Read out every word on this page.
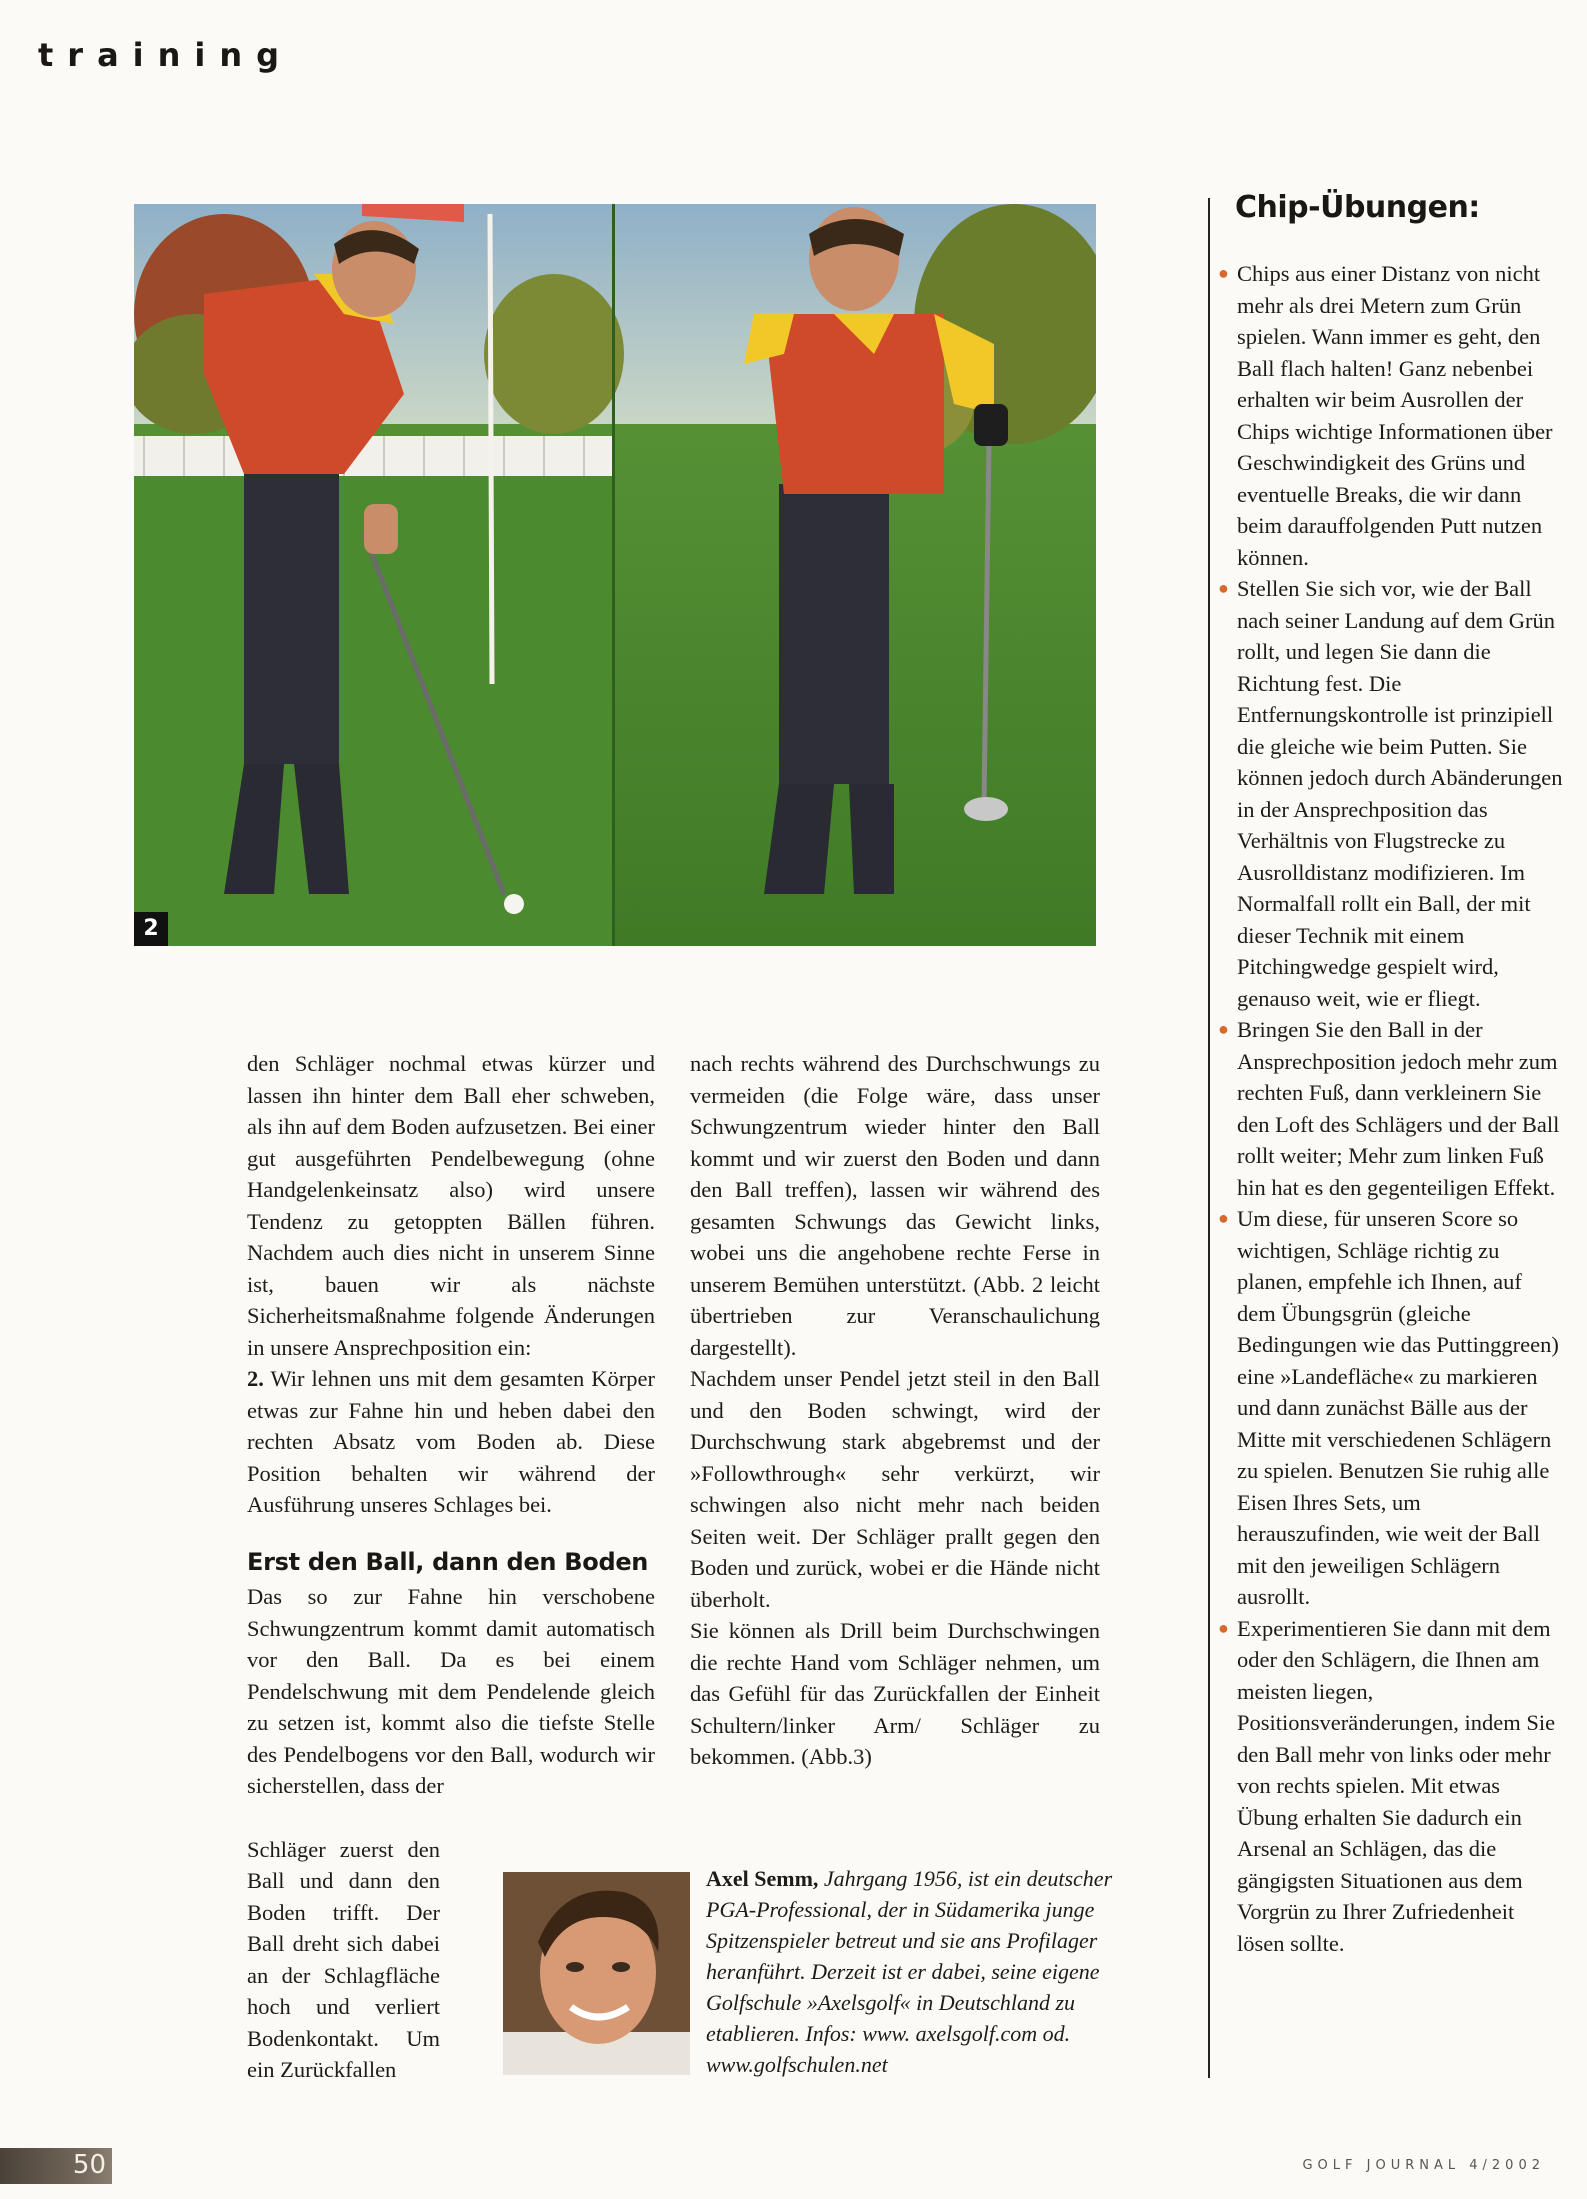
training
2

den Schläger nochmal etwas kürzer und lassen ihn hinter dem Ball eher schweben, als ihn auf dem Boden aufzusetzen. Bei einer gut ausgeführten Pendelbewegung (ohne Handgelenkeinsatz also) wird unsere Tendenz zu getoppten Bällen führen. Nachdem auch dies nicht in unserem Sinne ist, bauen wir als nächste Sicherheitsmaßnahme folgende Änderungen in unsere Ansprechposition ein:

2. Wir lehnen uns mit dem gesamten Körper etwas zur Fahne hin und heben dabei den rechten Absatz vom Boden ab. Diese Position behalten wir während der Ausführung unseres Schlages bei.

Erst den Ball, dann den Boden

Das so zur Fahne hin verschobene Schwungzentrum kommt damit automatisch vor den Ball. Da es bei einem Pendelschwung mit dem Pendelende gleich zu setzen ist, kommt also die tiefste Stelle des Pendelbogens vor den Ball, wodurch wir sicherstellen, dass der

Schläger zuerst den Ball und dann den Boden trifft. Der Ball dreht sich dabei an der Schlagfläche hoch und verliert Bodenkontakt. Um ein Zurückfallen

nach rechts während des Durchschwungs zu vermeiden (die Folge wäre, dass unser Schwungzentrum wieder hinter den Ball kommt und wir zuerst den Boden und dann den Ball treffen), lassen wir während des gesamten Schwungs das Gewicht links, wobei uns die angehobene rechte Ferse in unserem Bemühen unterstützt. (Abb. 2 leicht übertrieben zur Veranschaulichung dargestellt).

Nachdem unser Pendel jetzt steil in den Ball und den Boden schwingt, wird der Durchschwung stark abgebremst und der »Followthrough« sehr verkürzt, wir schwingen also nicht mehr nach beiden Seiten weit. Der Schläger prallt gegen den Boden und zurück, wobei er die Hände nicht überholt.

Sie können als Drill beim Durchschwingen die rechte Hand vom Schläger nehmen, um das Gefühl für das Zurückfallen der Einheit Schultern/linker Arm/ Schläger zu bekommen. (Abb.3)

Axel Semm, Jahrgang 1956, ist ein deutscher PGA-Professional, der in Südamerika junge Spitzenspieler betreut und sie ans Profilager heranführt. Derzeit ist er dabei, seine eigene Golfschule »Axelsgolf« in Deutschland zu etablieren. Infos: www. axelsgolf.com od. www.golfschulen.net
Chip-Übungen:
● Chips aus einer Distanz von nicht mehr als drei Metern zum Grün spielen. Wann immer es geht, den Ball flach halten! Ganz nebenbei erhalten wir beim Ausrollen der Chips wichtige Informationen über Geschwindigkeit des Grüns und eventuelle Breaks, die wir dann beim darauffolgenden Putt nutzen können.
● Stellen Sie sich vor, wie der Ball nach seiner Landung auf dem Grün rollt, und legen Sie dann die Richtung fest. Die Entfernungskontrolle ist prinzipiell die gleiche wie beim Putten. Sie können jedoch durch Abänderungen in der Ansprechposition das Verhältnis von Flugstrecke zu Ausrolldistanz modifizieren. Im Normalfall rollt ein Ball, der mit dieser Technik mit einem Pitchingwedge gespielt wird, genauso weit, wie er fliegt.
● Bringen Sie den Ball in der Ansprechposition jedoch mehr zum rechten Fuß, dann verkleinern Sie den Loft des Schlägers und der Ball rollt weiter; Mehr zum linken Fuß hin hat es den gegenteiligen Effekt.
● Um diese, für unseren Score so wichtigen, Schläge richtig zu planen, empfehle ich Ihnen, auf dem Übungsgrün (gleiche Bedingungen wie das Puttinggreen) eine »Landefläche« zu markieren und dann zunächst Bälle aus der Mitte mit verschiedenen Schlägern zu spielen. Benutzen Sie ruhig alle Eisen Ihres Sets, um herauszufinden, wie weit der Ball mit den jeweiligen Schlägern ausrollt.
● Experimentieren Sie dann mit dem oder den Schlägern, die Ihnen am meisten liegen, Positionsveränderungen, indem Sie den Ball mehr von links oder mehr von rechts spielen. Mit etwas Übung erhalten Sie dadurch ein Arsenal an Schlägen, das die gängigsten Situationen aus dem Vorgrün zu Ihrer Zufriedenheit lösen sollte.
50	GOLF JOURNAL 4/2002
